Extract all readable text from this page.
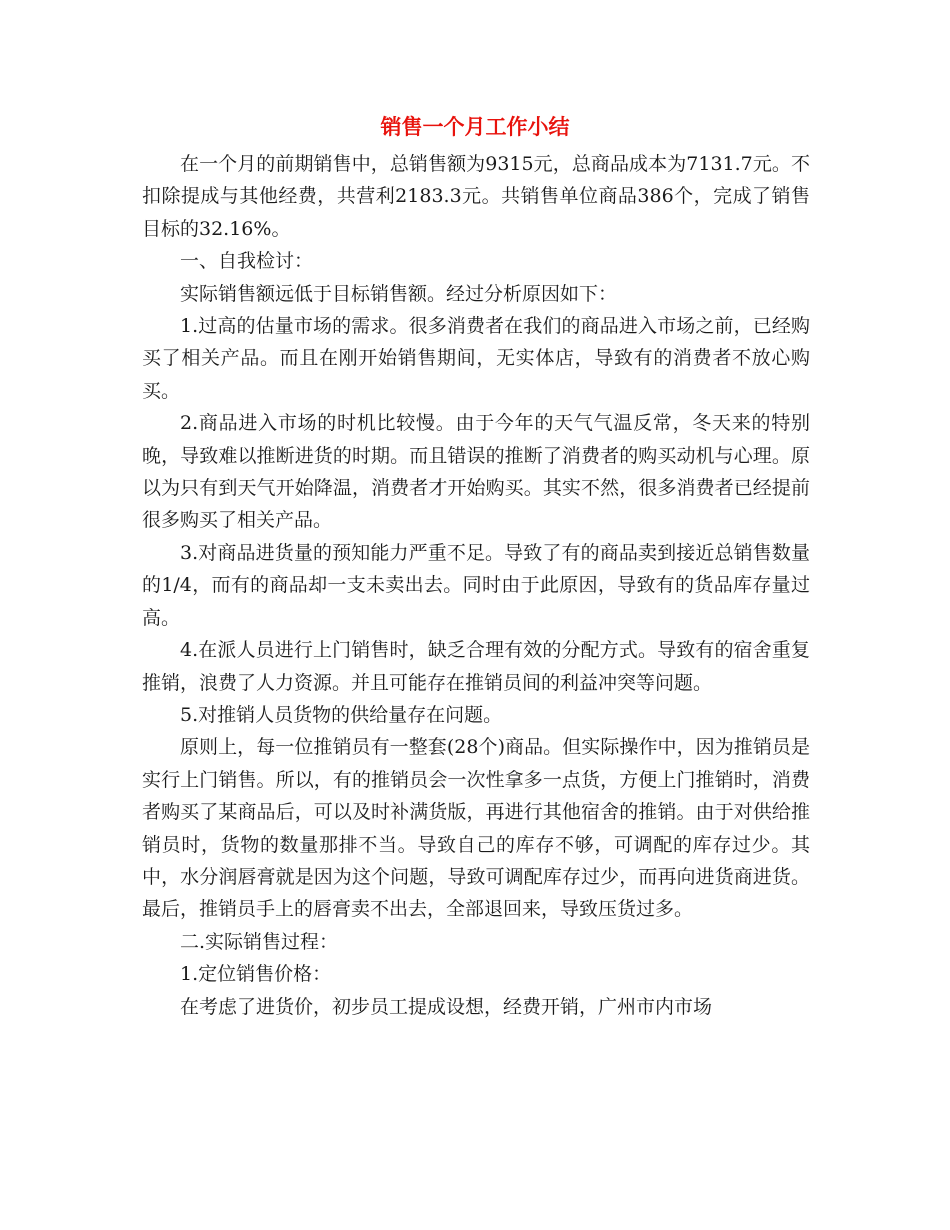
销售一个月工作小结

在一个月的前期销售中，总销售额为9315元，总商品成本为7131.7元。不扣除提成与其他经费，共营利2183.3元。共销售单位商品386个，完成了销售目标的32.16%。

一、自我检讨：

实际销售额远低于目标销售额。经过分析原因如下：

1.过高的估量市场的需求。很多消费者在我们的商品进入市场之前，已经购买了相关产品。而且在刚开始销售期间，无实体店，导致有的消费者不放心购买。

2.商品进入市场的时机比较慢。由于今年的天气气温反常，冬天来的特别晚，导致难以推断进货的时期。而且错误的推断了消费者的购买动机与心理。原以为只有到天气开始降温，消费者才开始购买。其实不然，很多消费者已经提前很多购买了相关产品。

3.对商品进货量的预知能力严重不足。导致了有的商品卖到接近总销售数量的1/4，而有的商品却一支未卖出去。同时由于此原因，导致有的货品库存量过高。

4.在派人员进行上门销售时，缺乏合理有效的分配方式。导致有的宿舍重复推销，浪费了人力资源。并且可能存在推销员间的利益冲突等问题。

5.对推销人员货物的供给量存在问题。

原则上，每一位推销员有一整套(28个)商品。但实际操作中，因为推销员是实行上门销售。所以，有的推销员会一次性拿多一点货，方便上门推销时，消费者购买了某商品后，可以及时补满货版，再进行其他宿舍的推销。由于对供给推销员时，货物的数量那排不当。导致自己的库存不够，可调配的库存过少。其中，水分润唇膏就是因为这个问题，导致可调配库存过少，而再向进货商进货。最后，推销员手上的唇膏卖不出去，全部退回来，导致压货过多。

二.实际销售过程：

1.定位销售价格：

在考虑了进货价，初步员工提成设想，经费开销，广州市内市场
